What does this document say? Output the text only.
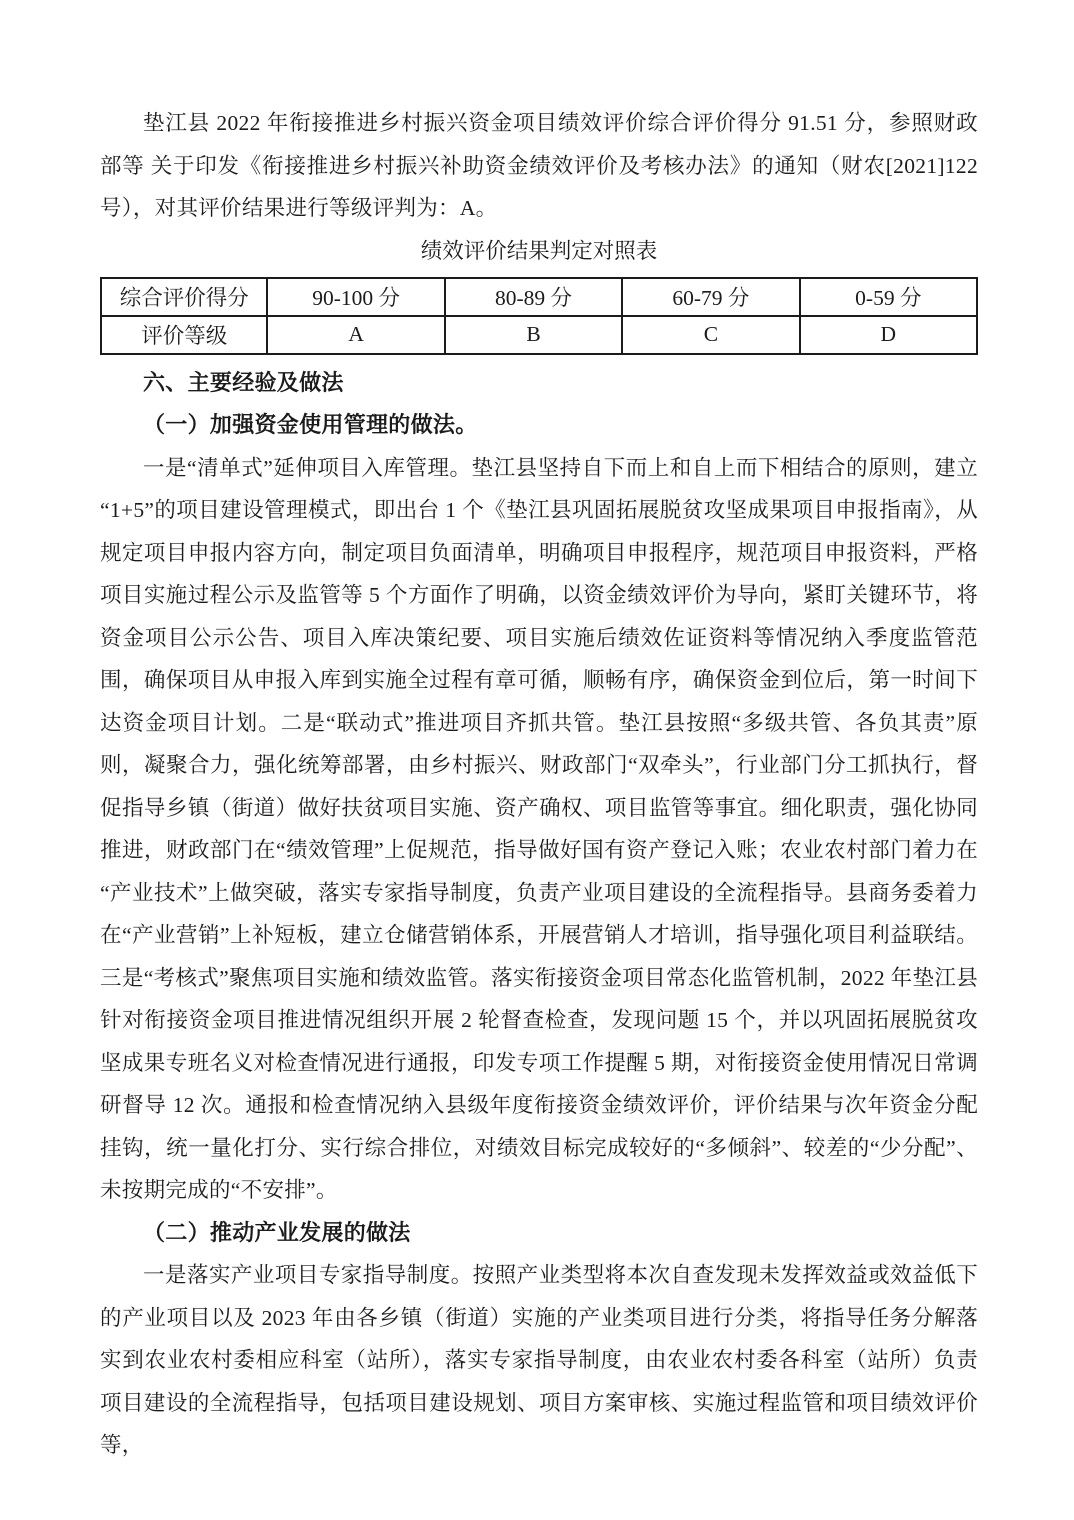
垫江县 2022 年衔接推进乡村振兴资金项目绩效评价综合评价得分 91.51 分，参照财政部等 关于印发《衔接推进乡村振兴补助资金绩效评价及考核办法》的通知（财农[2021]122 号），对其评价结果进行等级评判为：A。

绩效评价结果判定对照表
综合评价得分	90-100 分	80-89 分	60-79 分	0-59 分
评价等级	A	B	C	D

六、主要经验及做法

（一）加强资金使用管理的做法。

一是“清单式”延伸项目入库管理。垫江县坚持自下而上和自上而下相结合的原则，建立“1+5”的项目建设管理模式，即出台 1 个《垫江县巩固拓展脱贫攻坚成果项目申报指南》，从规定项目申报内容方向，制定项目负面清单，明确项目申报程序，规范项目申报资料，严格项目实施过程公示及监管等 5 个方面作了明确，以资金绩效评价为导向，紧盯关键环节，将资金项目公示公告、项目入库决策纪要、项目实施后绩效佐证资料等情况纳入季度监管范围，确保项目从申报入库到实施全过程有章可循，顺畅有序，确保资金到位后，第一时间下达资金项目计划。二是“联动式”推进项目齐抓共管。垫江县按照“多级共管、各负其责”原则，凝聚合力，强化统筹部署，由乡村振兴、财政部门“双牵头”，行业部门分工抓执行，督促指导乡镇（街道）做好扶贫项目实施、资产确权、项目监管等事宜。细化职责，强化协同推进，财政部门在“绩效管理”上促规范，指导做好国有资产登记入账；农业农村部门着力在“产业技术”上做突破，落实专家指导制度，负责产业项目建设的全流程指导。县商务委着力在“产业营销”上补短板，建立仓储营销体系，开展营销人才培训，指导强化项目利益联结。三是“考核式”聚焦项目实施和绩效监管。落实衔接资金项目常态化监管机制，2022 年垫江县针对衔接资金项目推进情况组织开展 2 轮督查检查，发现问题 15 个，并以巩固拓展脱贫攻坚成果专班名义对检查情况进行通报，印发专项工作提醒 5 期，对衔接资金使用情况日常调研督导 12 次。通报和检查情况纳入县级年度衔接资金绩效评价，评价结果与次年资金分配挂钩，统一量化打分、实行综合排位，对绩效目标完成较好的“多倾斜”、较差的“少分配”、未按期完成的“不安排”。

（二）推动产业发展的做法

一是落实产业项目专家指导制度。按照产业类型将本次自查发现未发挥效益或效益低下的产业项目以及 2023 年由各乡镇（街道）实施的产业类项目进行分类，将指导任务分解落实到农业农村委相应科室（站所），落实专家指导制度，由农业农村委各科室（站所）负责项目建设的全流程指导，包括项目建设规划、项目方案审核、实施过程监管和项目绩效评价等，
